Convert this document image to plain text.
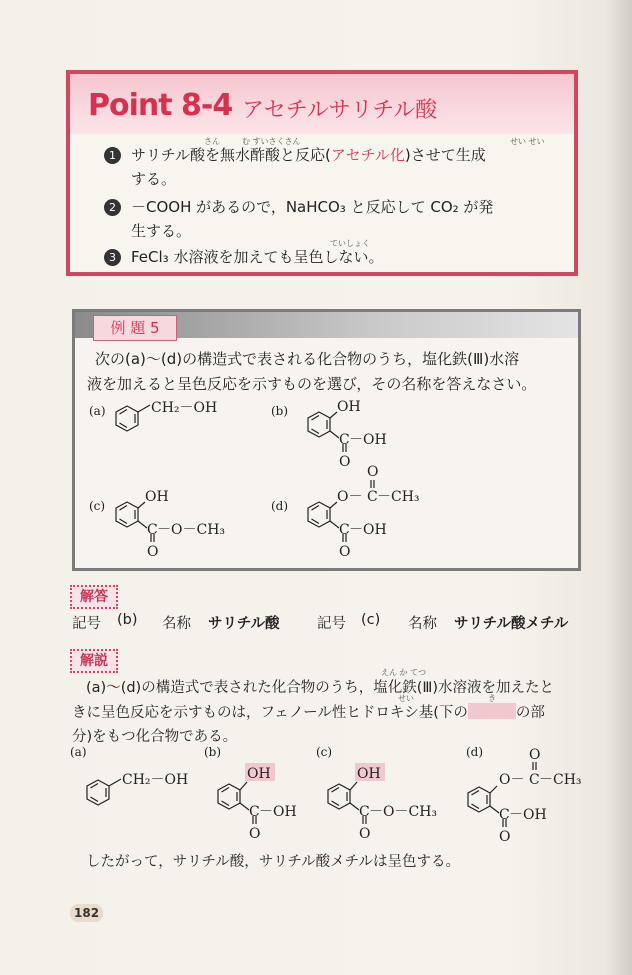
Point 8-4 アセチルサリチル酸
さん	む すいさくさん	せい せい
1 サリチル酸を無水酢酸と反応(アセチル化)させて生成
する。
2 －COOH があるので，NaHCO₃ と反応して CO₂ が発
生する。
ていしょく
3 FeCl₃ 水溶液を加えても呈色しない。
例 題 5
次の(a)〜(d)の構造式で表される化合物のうち，塩化鉄(Ⅲ)水溶
液を加えると呈色反応を示すものを選び，その名称を答えなさい。
(a)	CH₂－OH	(b)	OH
C －OH
O
(c)
OH
C －O－CH₃
O
(d)
O
O－ C －CH₃
C －OH
O
解答
記号 (b) 名称 サリチル酸	記号 (c) 名称 サリチル酸メチル
解説
えん か てつ
(a)〜(d)の構造式で表された化合物のうち，塩化鉄(Ⅲ)水溶液を加えたと
せい	き
きに呈色反応を示すものは，フェノール性ヒドロキシ基(下の	の部
分)をもつ化合物である。
(a)
CH₂－OH
(b)
OH
C －OH
O
(c)
OH
C －O－CH₃
O
(d)	O
O－ C －CH₃
C －OH
O
したがって，サリチル酸，サリチル酸メチルは呈色する。
182
